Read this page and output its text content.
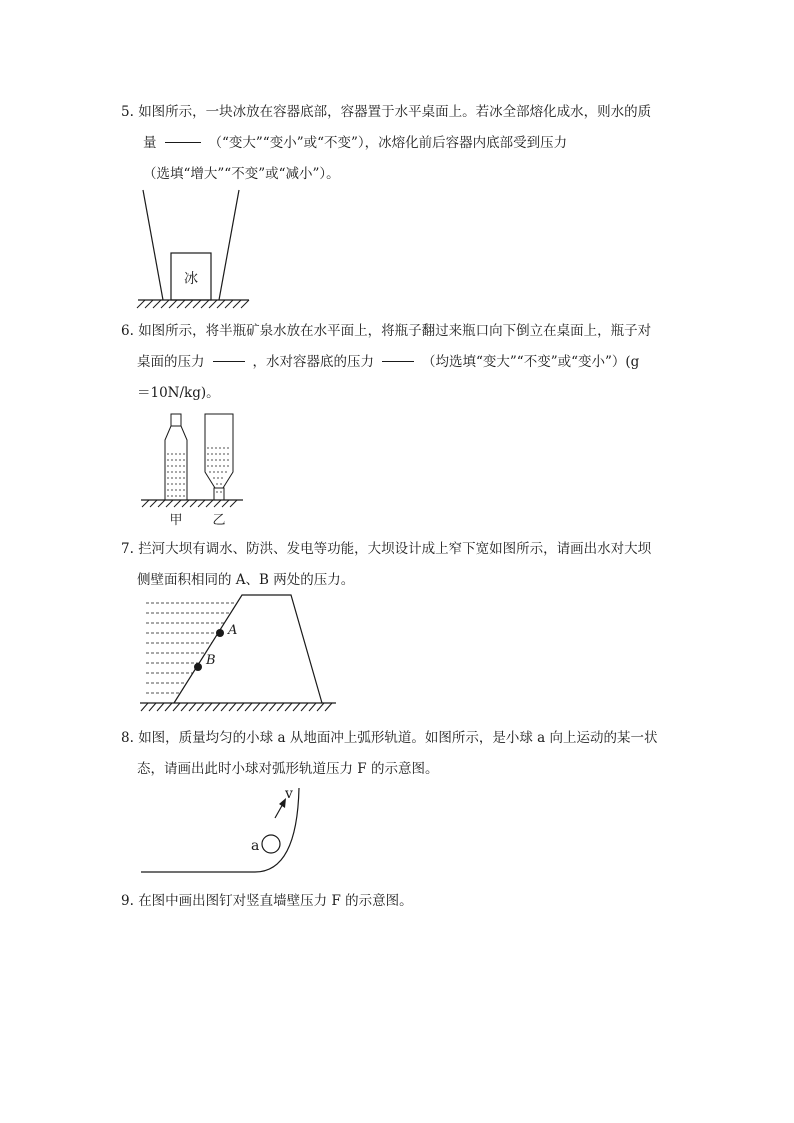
5. 如图所示，一块冰放在容器底部，容器置于水平桌面上。若冰全部熔化成水，则水的质
量	（“变大”“变小”或“不变”），冰熔化前后容器内底部受到压力
（选填“增大”“不变”或“减小”）。
冰
6. 如图所示，将半瓶矿泉水放在水平面上，将瓶子翻过来瓶口向下倒立在桌面上，瓶子对
桌面的压力	，水对容器底的压力	（均选填“变大”“不变”或“变小”）(g
＝10N/kg)。
甲 乙
7. 拦河大坝有调水、防洪、发电等功能，大坝设计成上窄下宽如图所示，请画出水对大坝
侧壁面积相同的 A、B 两处的压力。
A
B
8. 如图，质量均匀的小球 a 从地面冲上弧形轨道。如图所示，是小球 a 向上运动的某一状
态，请画出此时小球对弧形轨道压力 F 的示意图。
a
v
9. 在图中画出图钉对竖直墙壁压力 F 的示意图。
